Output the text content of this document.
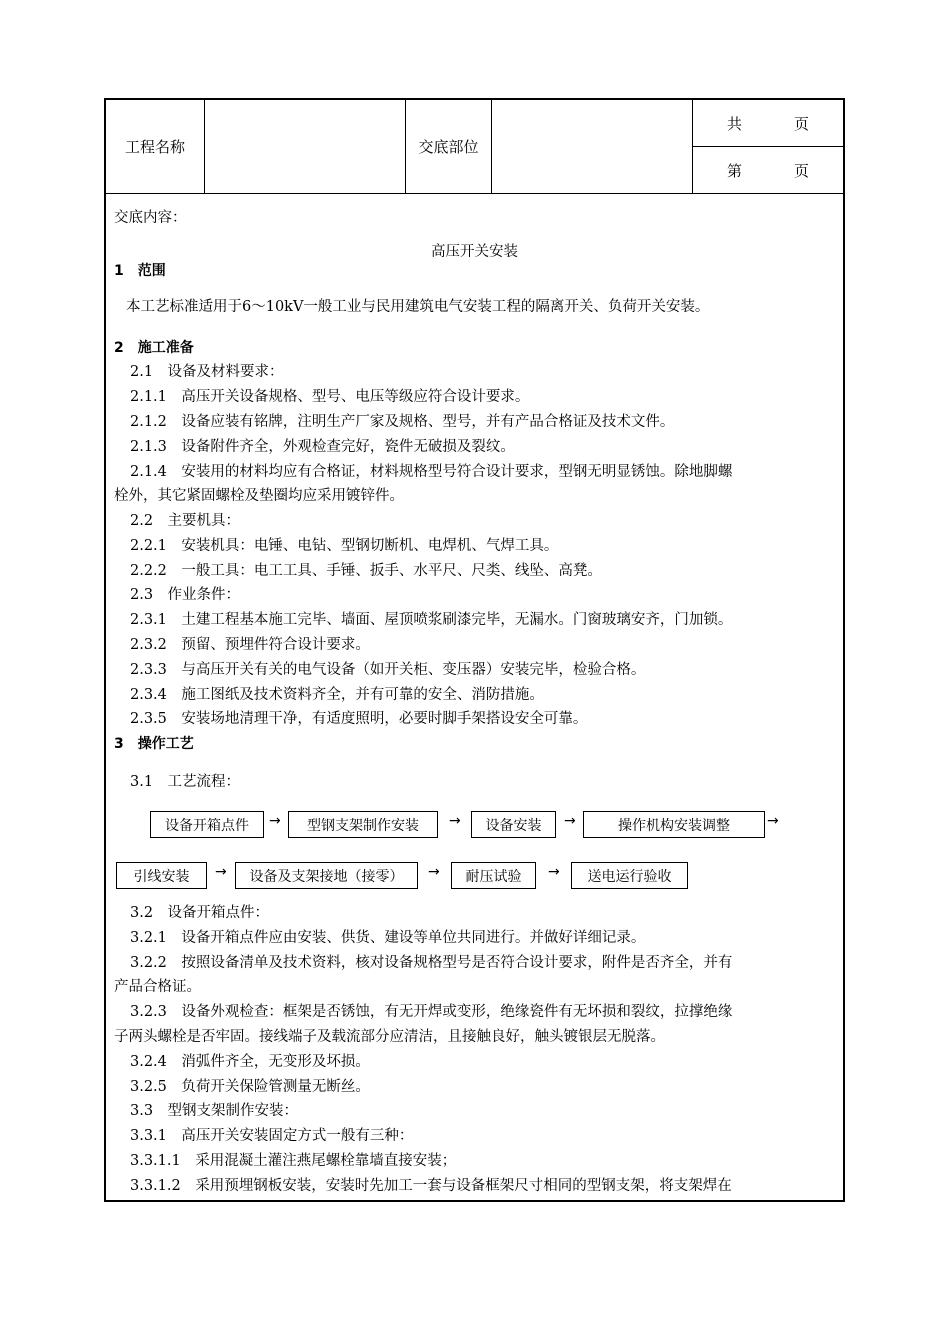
工程名称	交底部位
共	页
第	页
交底内容：
高压开关安装
1　范围
本工艺标准适用于6～10kV一般工业与民用建筑电气安装工程的隔离开关、负荷开关安装。
2　施工准备
2.1　设备及材料要求：
2.1.1　高压开关设备规格、型号、电压等级应符合设计要求。
2.1.2　设备应装有铭牌，注明生产厂家及规格、型号，并有产品合格证及技术文件。
2.1.3　设备附件齐全，外观检查完好，瓷件无破损及裂纹。
2.1.4　安装用的材料均应有合格证，材料规格型号符合设计要求，型钢无明显锈蚀。除地脚螺
栓外，其它紧固螺栓及垫圈均应采用镀锌件。
2.2　主要机具：
2.2.1　安装机具：电锤、电钻、型钢切断机、电焊机、气焊工具。
2.2.2　一般工具：电工工具、手锤、扳手、水平尺、尺类、线坠、高凳。
2.3　作业条件：
2.3.1　土建工程基本施工完毕、墙面、屋顶喷浆刷漆完毕，无漏水。门窗玻璃安齐，门加锁。
2.3.2　预留、预埋件符合设计要求。
2.3.3　与高压开关有关的电气设备（如开关柜、变压器）安装完毕，检验合格。
2.3.4　施工图纸及技术资料齐全，并有可靠的安全、消防措施。
2.3.5　安装场地清理干净，有适度照明，必要时脚手架搭设安全可靠。
3　操作工艺
3.1　工艺流程：
设备开箱点件	→	型钢支架制作安装	→	设备安装	→	操作机构安装调整	→
引线安装	→	设备及支架接地（接零）	→	耐压试验	→	送电运行验收
3.2　设备开箱点件：
3.2.1　设备开箱点件应由安装、供货、建设等单位共同进行。并做好详细记录。
3.2.2　按照设备清单及技术资料，核对设备规格型号是否符合设计要求，附件是否齐全，并有
产品合格证。
3.2.3　设备外观检查：框架是否锈蚀，有无开焊或变形，绝缘瓷件有无坏损和裂纹，拉撑绝缘
子两头螺栓是否牢固。接线端子及载流部分应清洁，且接触良好，触头镀银层无脱落。
3.2.4　消弧件齐全，无变形及坏损。
3.2.5　负荷开关保险管测量无断丝。
3.3　型钢支架制作安装：
3.3.1　高压开关安装固定方式一般有三种：
3.3.1.1　采用混凝土灌注燕尾螺栓靠墙直接安装；
3.3.1.2　采用预埋钢板安装，安装时先加工一套与设备框架尺寸相同的型钢支架，将支架焊在
